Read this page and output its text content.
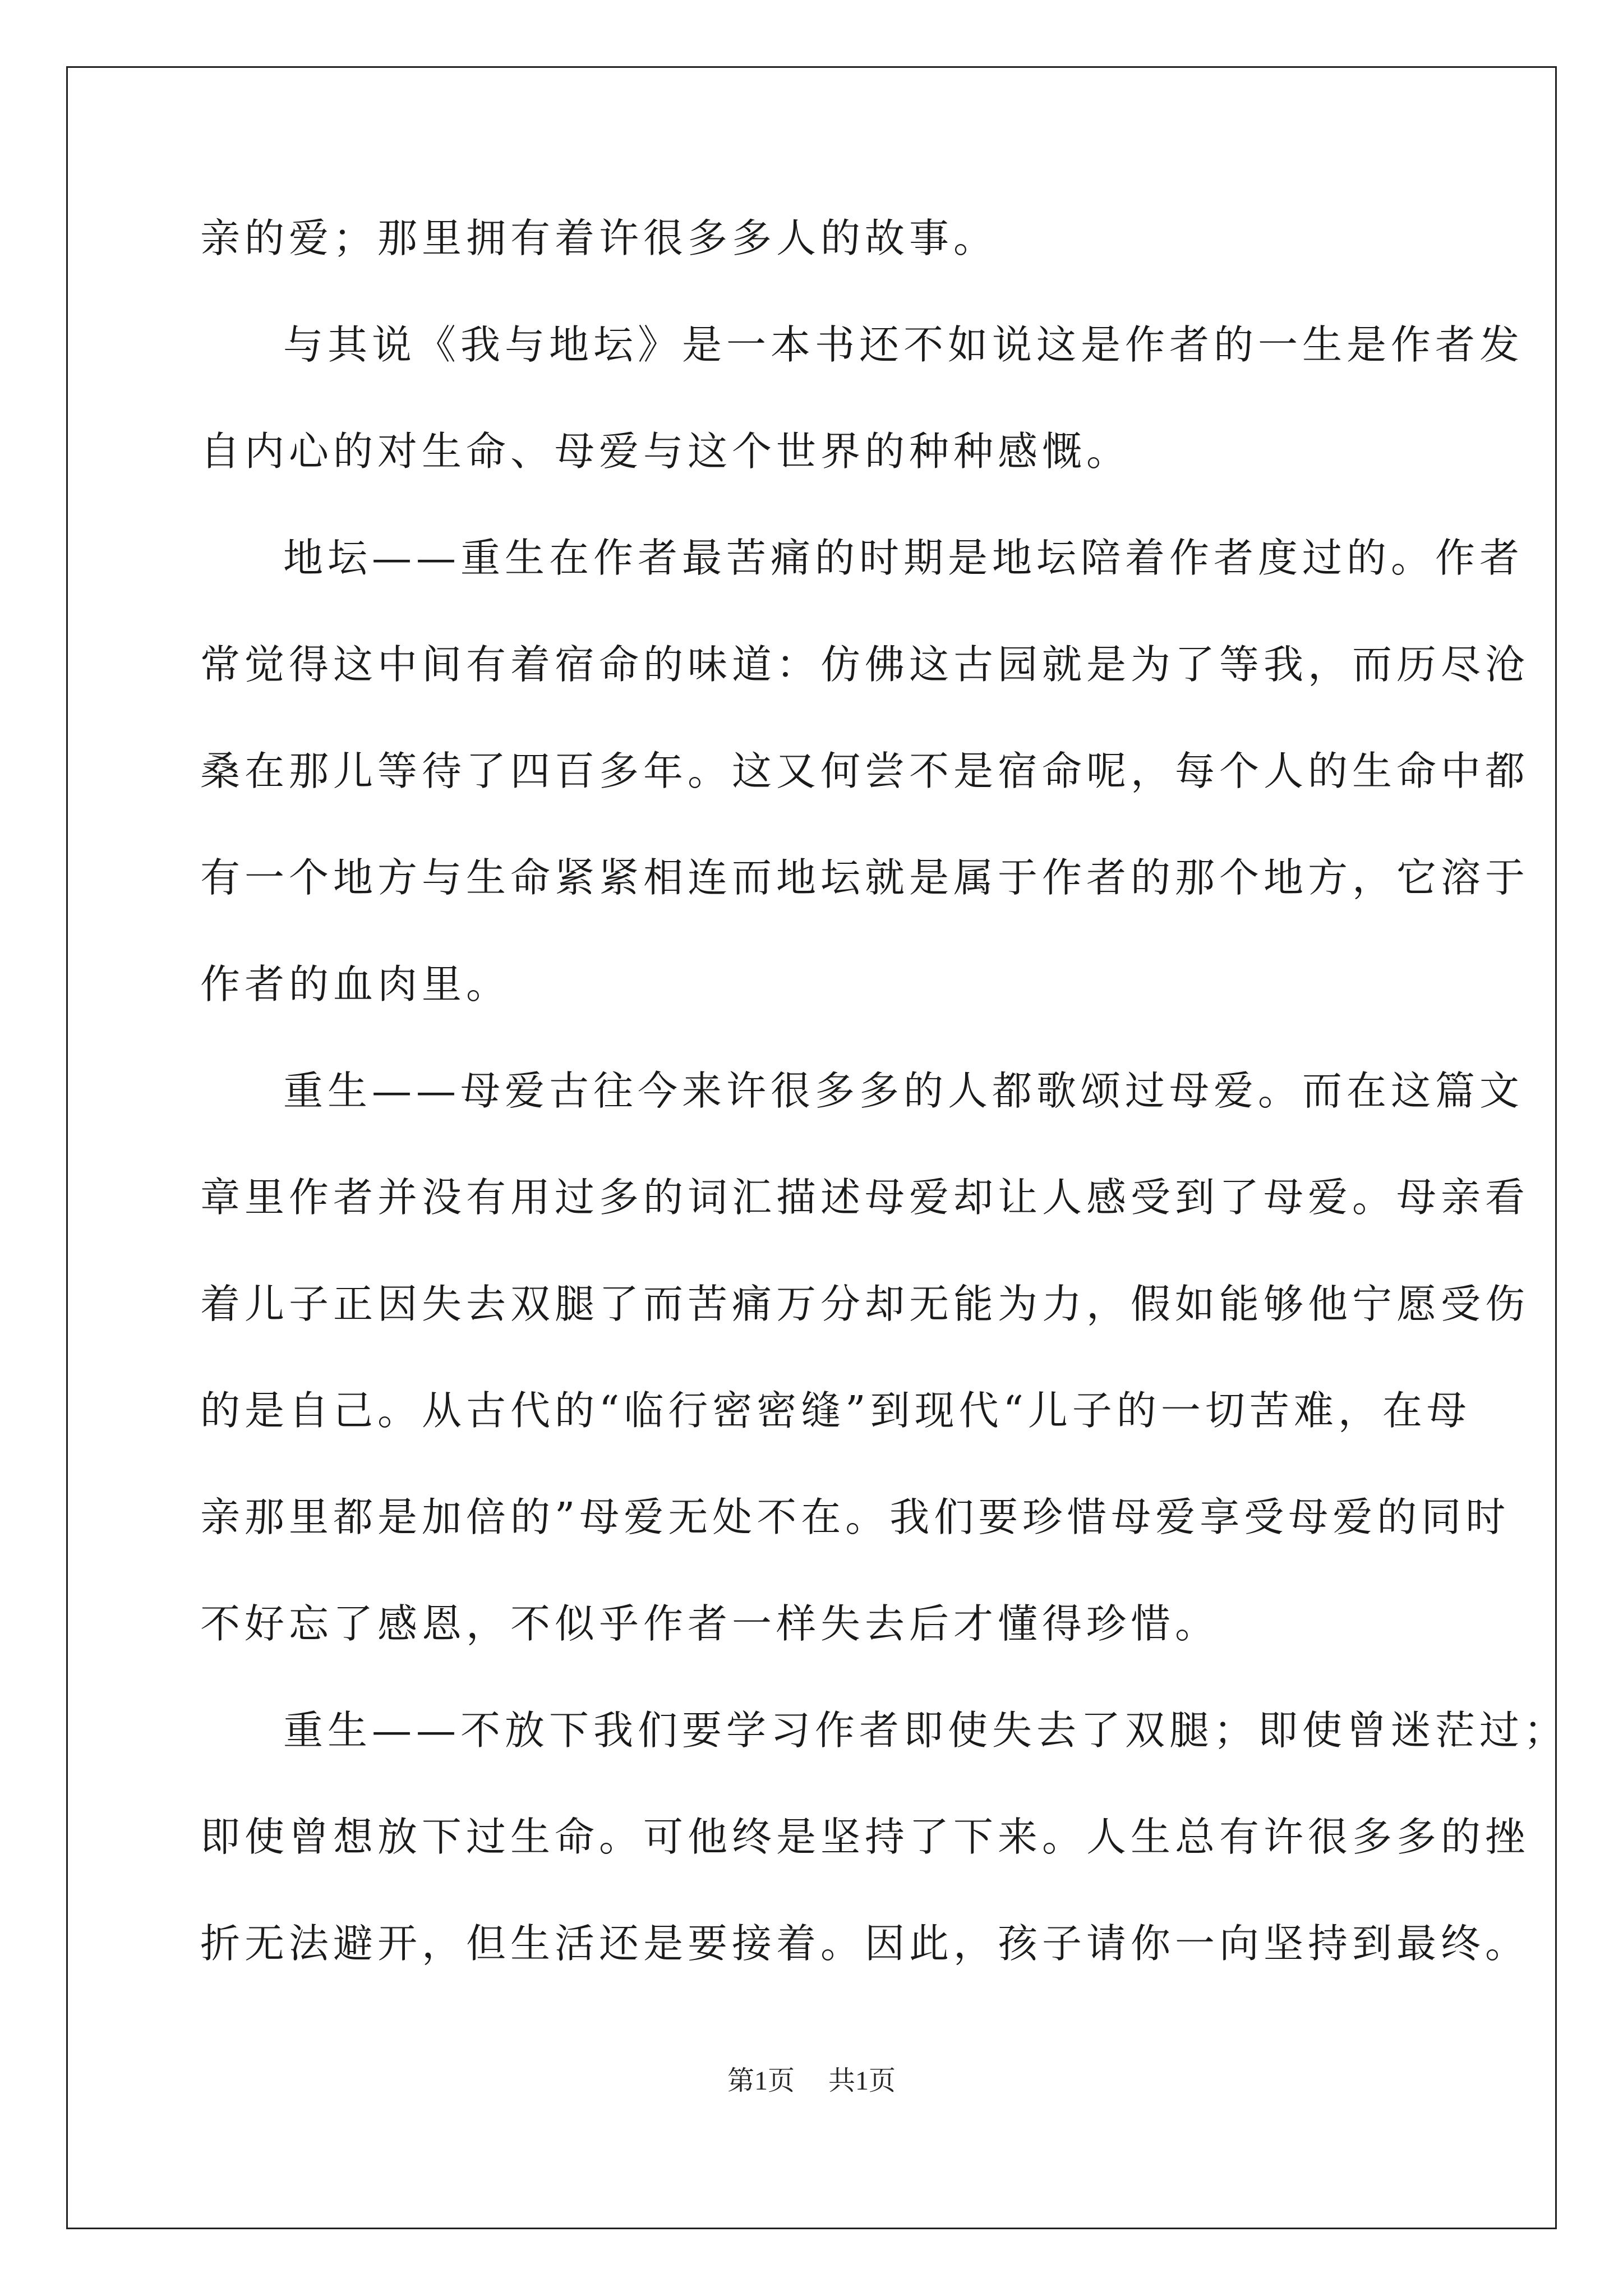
亲的爱；那里拥有着许很多多人的故事。
与其说《我与地坛》是一本书还不如说这是作者的一生是作者发
自内心的对生命、母爱与这个世界的种种感慨。
地坛——重生在作者最苦痛的时期是地坛陪着作者度过的。作者
常觉得这中间有着宿命的味道：仿佛这古园就是为了等我，而历尽沧
桑在那儿等待了四百多年。这又何尝不是宿命呢，每个人的生命中都
有一个地方与生命紧紧相连而地坛就是属于作者的那个地方，它溶于
作者的血肉里。
重生——母爱古往今来许很多多的人都歌颂过母爱。而在这篇文
章里作者并没有用过多的词汇描述母爱却让人感受到了母爱。母亲看
着儿子正因失去双腿了而苦痛万分却无能为力，假如能够他宁愿受伤
的是自己。从古代的“临行密密缝”到现代“儿子的一切苦难，在母
亲那里都是加倍的”母爱无处不在。我们要珍惜母爱享受母爱的同时
不好忘了感恩，不似乎作者一样失去后才懂得珍惜。
重生——不放下我们要学习作者即使失去了双腿；即使曾迷茫过；
即使曾想放下过生命。可他终是坚持了下来。人生总有许很多多的挫
折无法避开，但生活还是要接着。因此，孩子请你一向坚持到最终。
第1页 共1页
